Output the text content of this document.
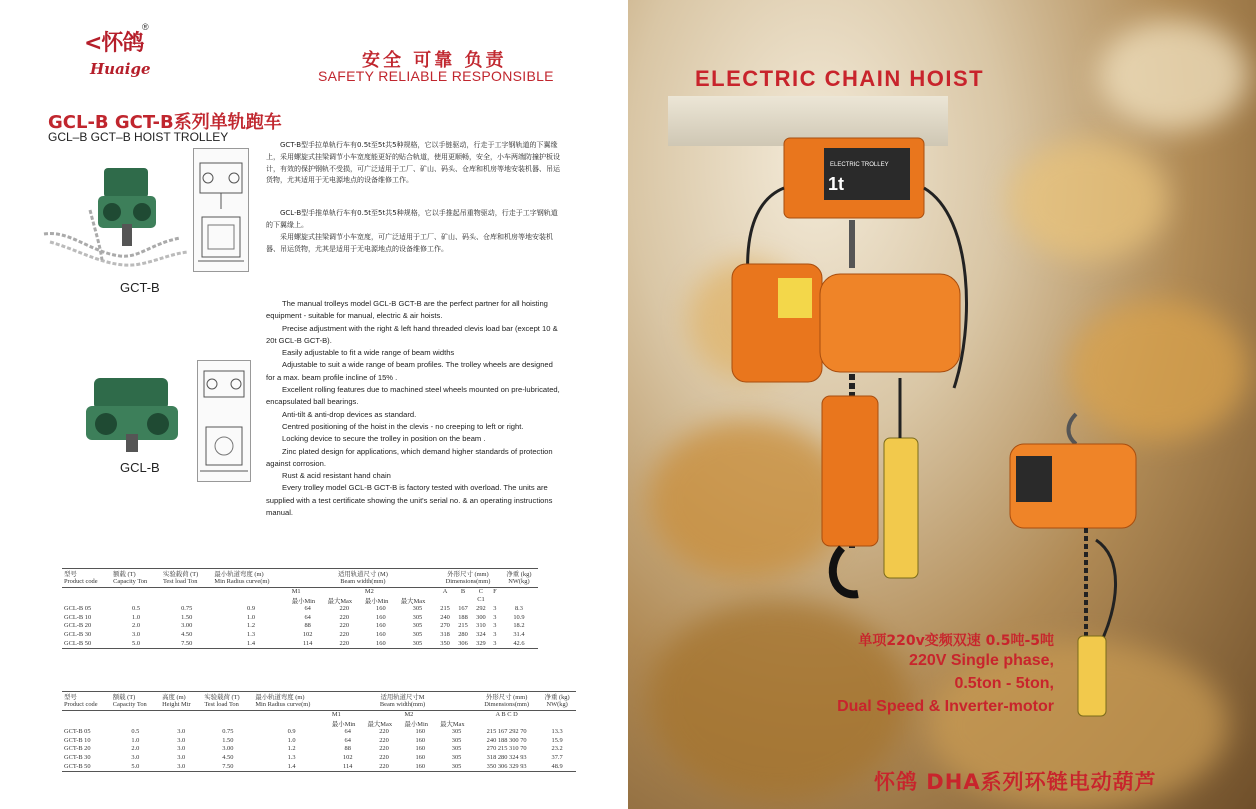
<怀鸽
®
Huaige	安全 可靠 负责
SAFETY RELIABLE RESPONSIBLE
GCL-B GCT-B系列单轨跑车
GCL–B GCT–B HOIST TROLLEY
GCT-B
GCL-B

GCT-B型手拉单轨行车有0.5t至5t共5种规格，它以手链驱动，行走于工字钢轨道的下翼缘上，采用螺旋式挂梁调节小车宽度能更好的贴合轨道，使用更顺畅，安全，小车两端防撞护板设计，有效的保护钢轨不受损，可广泛适用于工厂、矿山、码头、仓库和机房等地安装机器、吊运货物，尤其适用于无电源地点的设备维修工作。

GCL-B型手推单轨行车有0.5t至5t共5种规格，它以手推起吊重物驱动，行走于工字钢轨道的下翼缘上。

采用螺旋式挂梁调节小车宽度，可广泛适用于工厂、矿山、码头、仓库和机房等地安装机器、吊运货物，尤其是适用于无电源地点的设备维修工作。

The manual trolleys model GCL-B GCT-B are the perfect partner for all hoisting equipment - suitable for manual, electric & air hoists.

Precise adjustment with the right & left hand threaded clevis load bar (except 10 & 20t GCL-B GCT-B).

Easily adjustable to fit a wide range of beam widths

Adjustable to suit a wide range of beam profiles. The trolley wheels are designed for a max. beam profile incline of 15% .

Excellent rolling features due to machined steel wheels mounted on pre-lubricated, encapsulated ball bearings.

Anti-tilt & anti-drop devices as standard.

Centred positioning of the hoist in the clevis - no creeping to left or right.

Locking device to secure the trolley in position on the beam .

Zinc plated design for applications, which demand higher standards of protection against corrosion.

Rust & acid resistant hand chain

Every trolley model GCL-B GCT-B is factory tested with overload. The units are supplied with a test certificate showing the unit's serial no. & an operating instructions manual.

型号	额载 (T)	实验载荷 (T)	最小轨道弯度 (m)	适用轨道尺寸 (M)				外形尺寸 (mm)				净重 (kg)
Product code	Capacity Ton	Test load Ton	Min Radius curve(m)	Beam width(mm)				Dimensions(mm)				NW(kg)
				M1		M2		A	B	C	F	
				最小Min	最大Max	最小Min	最大Max			C1		
GCL-B 05	0.5	0.75	0.9	64	220	160	305	215	167	292	3	8.3
GCL-B 10	1.0	1.50	1.0	64	220	160	305	240	188	300	3	10.9
GCL-B 20	2.0	3.00	1.2	88	220	160	305	270	215	310	3	18.2
GCL-B 30	3.0	4.50	1.3	102	220	160	305	318	280	324	3	31.4
GCL-B 50	5.0	7.50	1.4	114	220	160	305	350	306	329	3	42.6
型号	额载 (T)	高度 (m)	实验载荷 (T)	最小轨道弯度 (m)	适用轨道尺寸M				外形尺寸 (mm)	净重 (kg)
Product code	Capacity Ton	Height Mtr	Test load Ton	Min Radius curve(m)	Beam width(mm)				Dimensions(mm)	NW(kg)
					M1		M2		A B C D	
					最小Min	最大Max	最小Min	最大Max		
GCT-B 05	0.5	3.0	0.75	0.9	64	220	160	305	215 167 292 70	13.3
GCT-B 10	1.0	3.0	1.50	1.0	64	220	160	305	240 188 300 70	15.9
GCT-B 20	2.0	3.0	3.00	1.2	88	220	160	305	270 215 310 70	23.2
GCT-B 30	3.0	3.0	4.50	1.3	102	220	160	305	318 280 324 93	37.7
GCT-B 50	5.0	3.0	7.50	1.4	114	220	160	305	350 306 329 93	48.9
ELECTRIC TROLLEY
1t
ELECTRIC CHAIN HOIST
单项220v变频双速 0.5吨-5吨
220V Single phase,
0.5ton - 5ton,
Dual Speed & Inverter-motor
怀鸽 DHA系列环链电动葫芦
